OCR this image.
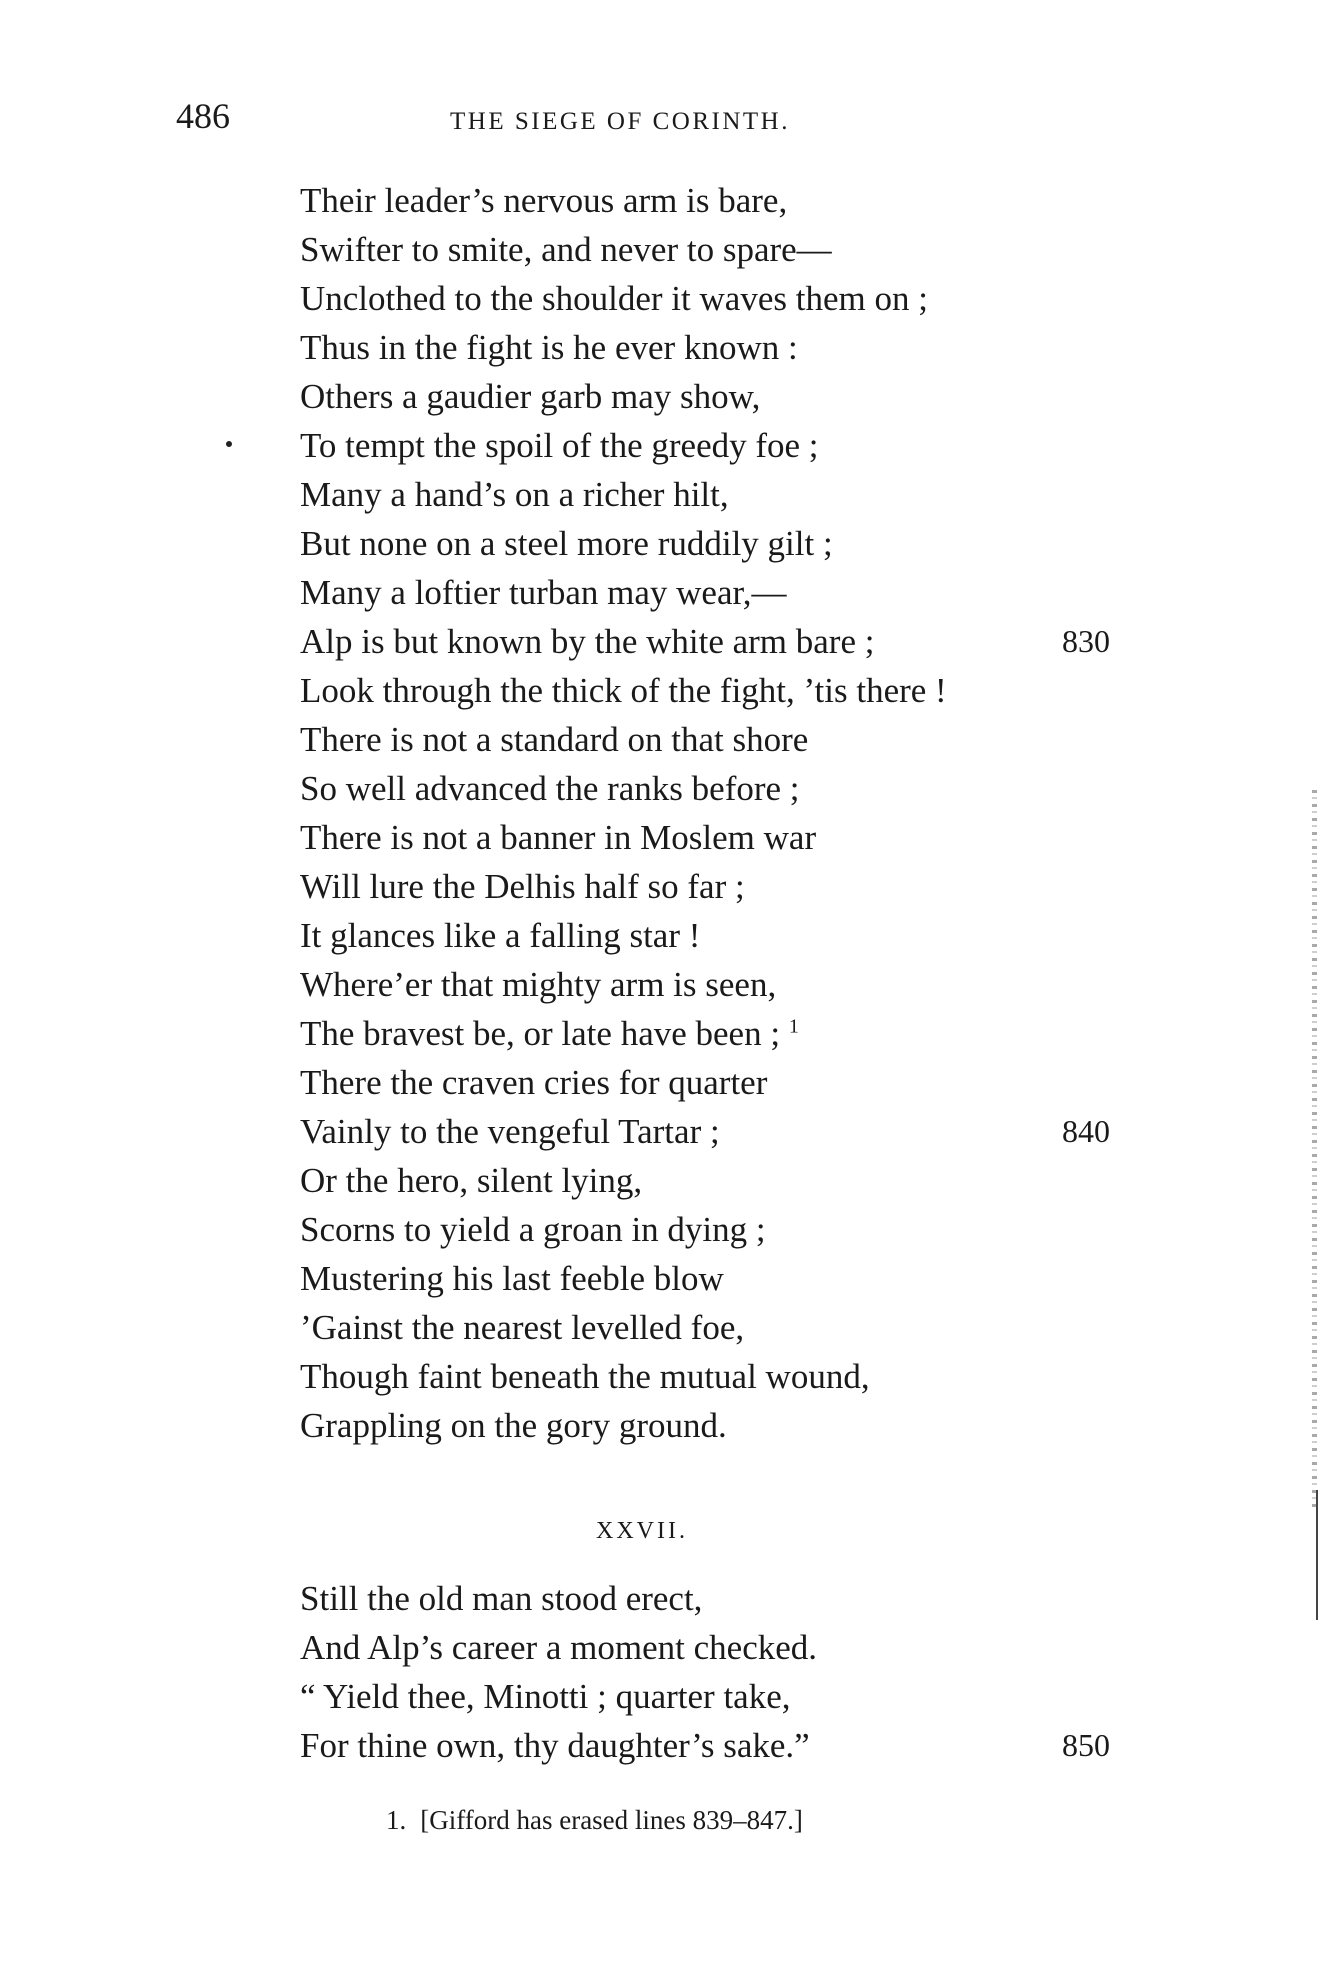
486	THE SIEGE OF CORINTH.
Their leader’s nervous arm is bare,
Swifter to smite, and never to spare—
Unclothed to the shoulder it waves them on ;
Thus in the fight is he ever known :
Others a gaudier garb may show,
To tempt the spoil of the greedy foe ;
Many a hand’s on a richer hilt,
But none on a steel more ruddily gilt ;
Many a loftier turban may wear,—
Alp is but known by the white arm bare ;	830
Look through the thick of the fight, ’tis there !
There is not a standard on that shore
So well advanced the ranks before ;
There is not a banner in Moslem war
Will lure the Delhis half so far ;
It glances like a falling star !
Where’er that mighty arm is seen,
The bravest be, or late have been ; $^1$
There the craven cries for quarter
Vainly to the vengeful Tartar ;	840
Or the hero, silent lying,
Scorns to yield a groan in dying ;
Mustering his last feeble blow
’Gainst the nearest levelled foe,
Though faint beneath the mutual wound,
Grappling on the gory ground.
XXVII.
Still the old man stood erect,
And Alp’s career a moment checked.
“ Yield thee, Minotti ; quarter take,
For thine own, thy daughter’s sake.”	850
1. [Gifford has erased lines 839–847.]
